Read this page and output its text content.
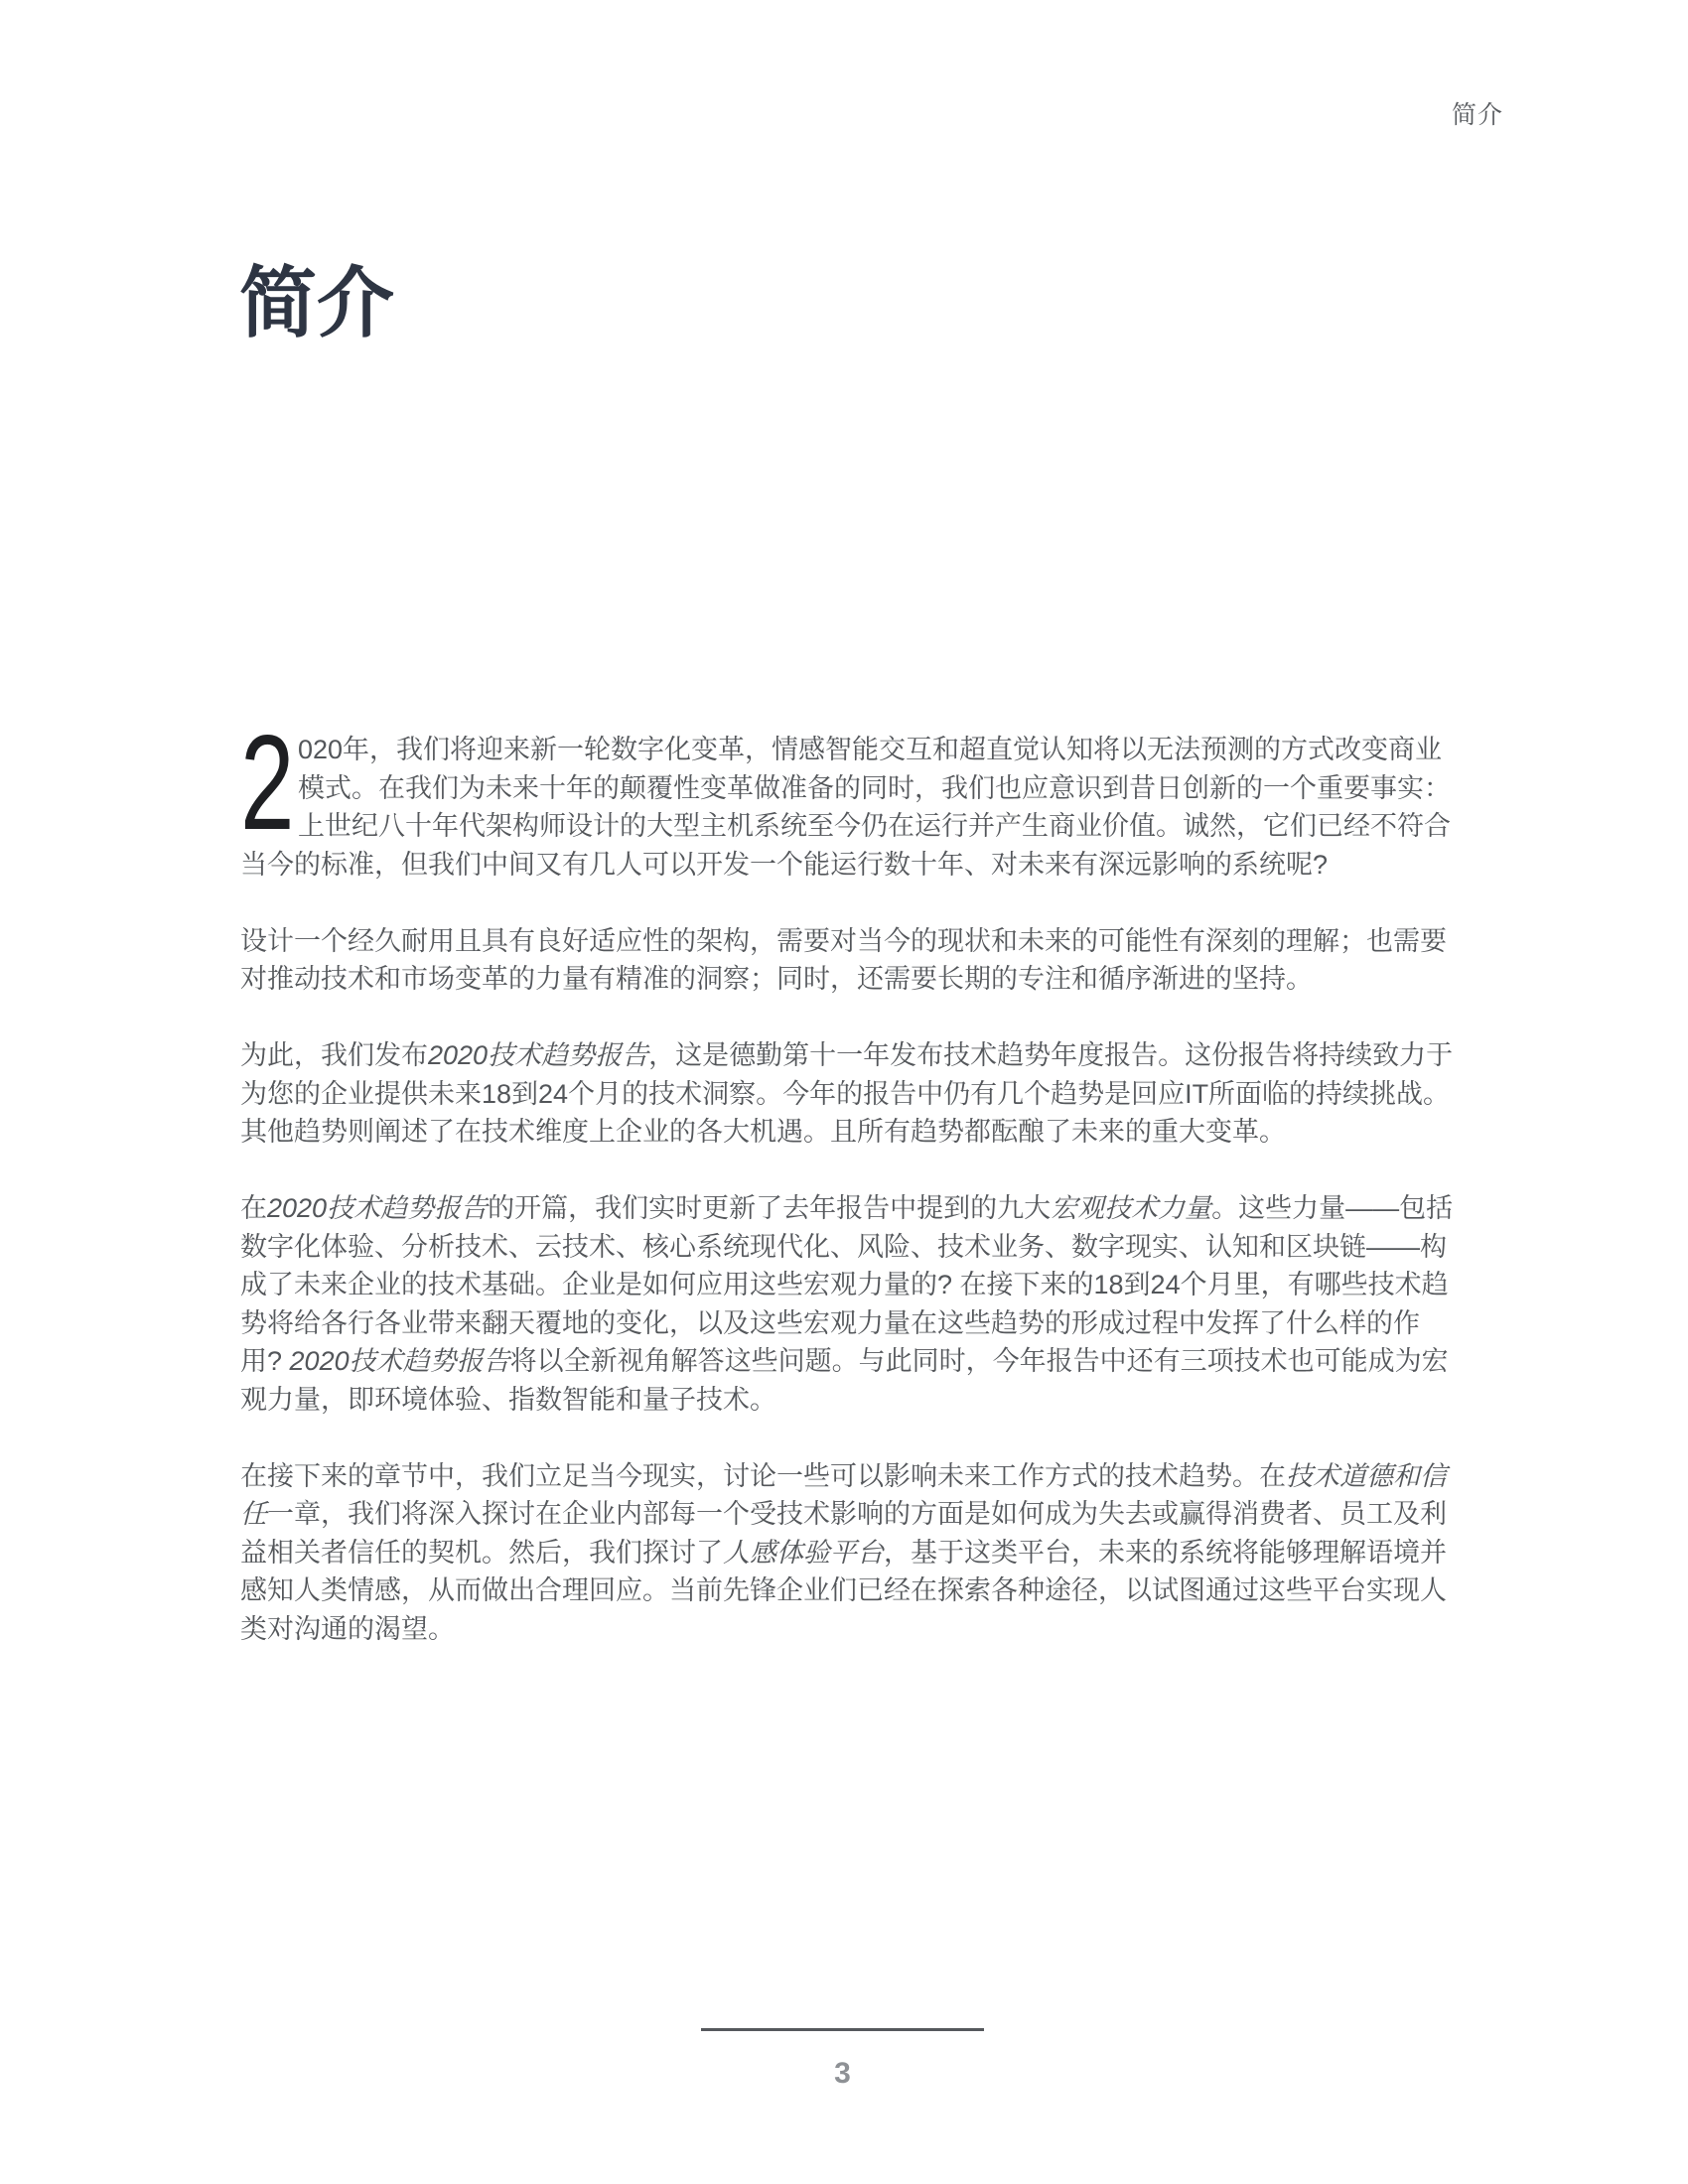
简介
简介

2 020年，我们将迎来新一轮数字化变革，情感智能交互和超直觉认知将以无法预测的方式改变商业模式。在我们为未来十年的颠覆性变革做准备的同时，我们也应意识到昔日创新的一个重要事实：上世纪八十年代架构师设计的大型主机系统至今仍在运行并产生商业价值。诚然，它们已经不符合当今的标准，但我们中间又有几人可以开发一个能运行数十年、对未来有深远影响的系统呢?

设计一个经久耐用且具有良好适应性的架构，需要对当今的现状和未来的可能性有深刻的理解；也需要对推动技术和市场变革的力量有精准的洞察；同时，还需要长期的专注和循序渐进的坚持。

为此，我们发布2020技术趋势报告，这是德勤第十一年发布技术趋势年度报告。这份报告将持续致力于为您的企业提供未来18到24个月的技术洞察。今年的报告中仍有几个趋势是回应IT所面临的持续挑战。其他趋势则阐述了在技术维度上企业的各大机遇。且所有趋势都酝酿了未来的重大变革。

在2020技术趋势报告的开篇，我们实时更新了去年报告中提到的九大宏观技术力量。这些力量——包括数字化体验、分析技术、云技术、核心系统现代化、风险、技术业务、数字现实、认知和区块链——构成了未来企业的技术基础。企业是如何应用这些宏观力量的? 在接下来的18到24个月里，有哪些技术趋势将给各行各业带来翻天覆地的变化，以及这些宏观力量在这些趋势的形成过程中发挥了什么样的作用? 2020技术趋势报告将以全新视角解答这些问题。与此同时，今年报告中还有三项技术也可能成为宏观力量，即环境体验、指数智能和量子技术。

在接下来的章节中，我们立足当今现实，讨论一些可以影响未来工作方式的技术趋势。在技术道德和信任一章，我们将深入探讨在企业内部每一个受技术影响的方面是如何成为失去或赢得消费者、员工及利益相关者信任的契机。然后，我们探讨了人感体验平台，基于这类平台，未来的系统将能够理解语境并感知人类情感，从而做出合理回应。当前先锋企业们已经在探索各种途径，以试图通过这些平台实现人类对沟通的渴望。

3
